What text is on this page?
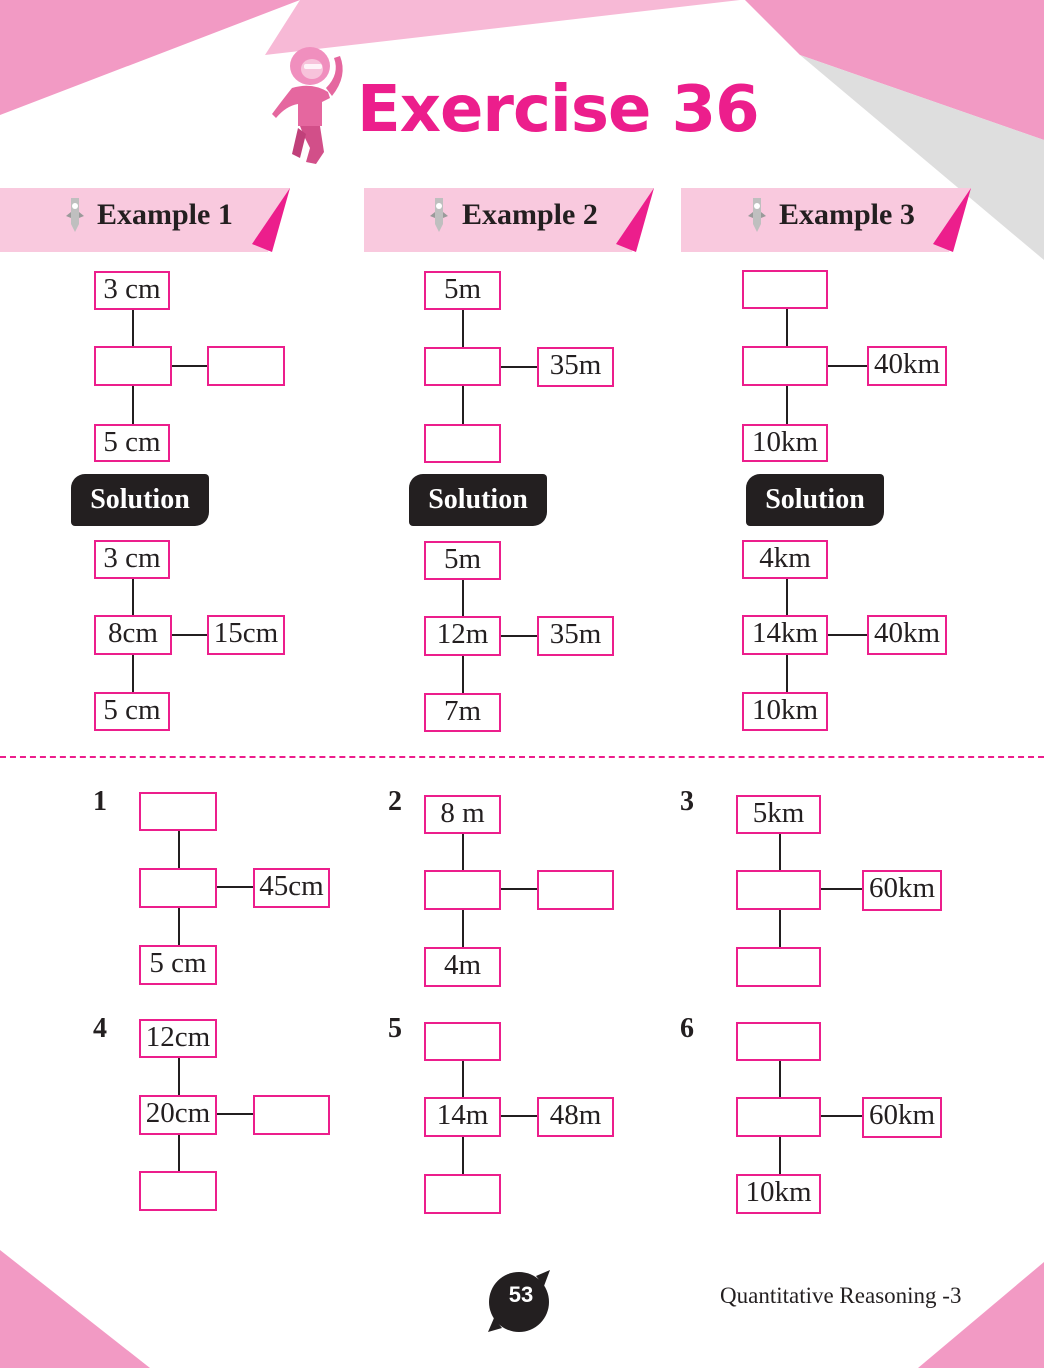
Exercise 36
Example 1	Example 2	Example 3
3 cm
5 cm
5m
35m	40km
10km
Solution	Solution	Solution
3 cm
8cm	15cm
5 cm
5m
12m	35m
7m
4km
14km	40km
10km
1
45cm
5 cm
2	8 m
4m
3	5km
60km
4 12cm
20cm
5
14m	48m
6
60km
10km
53	Quantitative Reasoning -3
